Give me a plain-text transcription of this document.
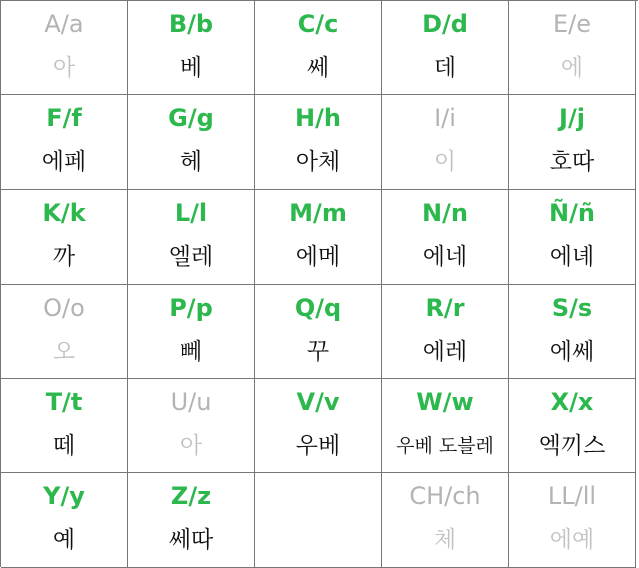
A/a
아
B/b
베
C/c
쎄
D/d
데
E/e
에
F/f
에페
G/g
헤
H/h
아체
I/i
이
J/j
호따
K/k
까
L/l
엘레
M/m
에메
N/n
에네
Ñ/ñ
에녜
O/o
오
P/p
뻬
Q/q
꾸
R/r
에레
S/s
에쎄
T/t
떼
U/u
아
V/v
우베
W/w
우베 도블레
X/x
엑끼스
Y/y
예
Z/z
쎄따
CH/ch
체
LL/ll
에예
